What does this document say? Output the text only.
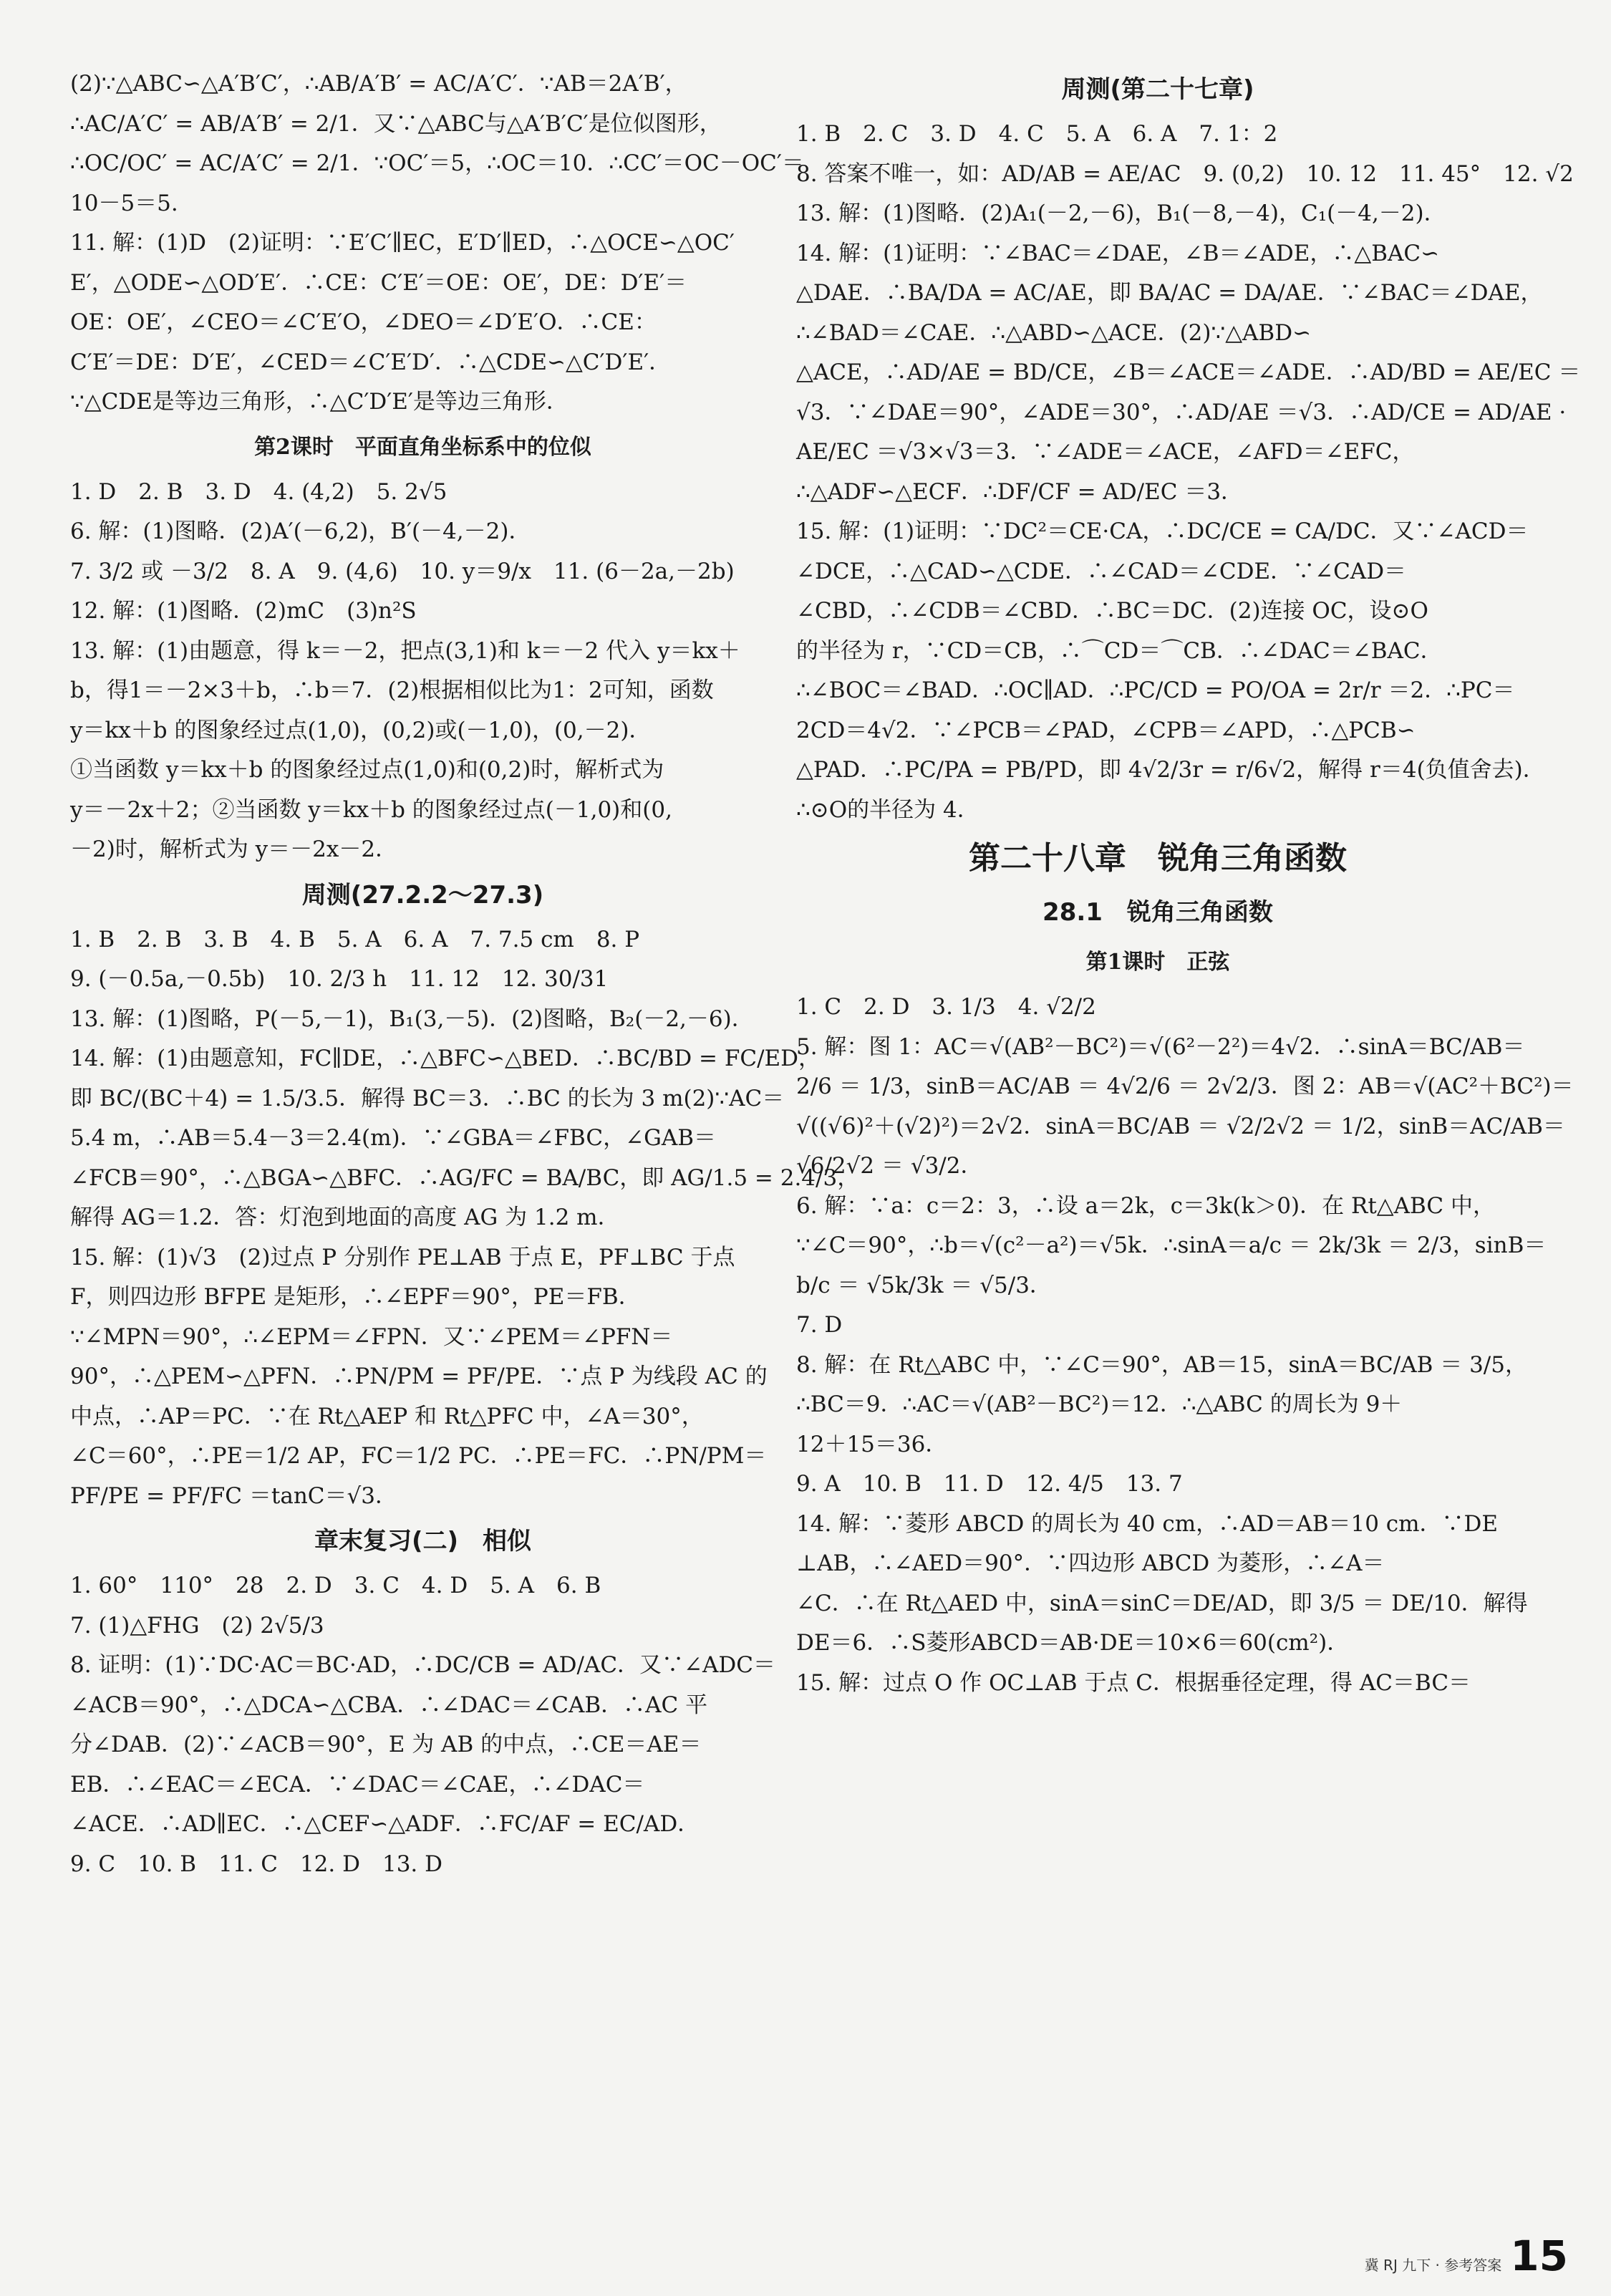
(2)∵△ABC∽△A′B′C′，∴AB/A′B′ = AC/A′C′．∵AB＝2A′B′，
∴AC/A′C′ = AB/A′B′ = 2/1．又∵△ABC与△A′B′C′是位似图形，
∴OC/OC′ = AC/A′C′ = 2/1．∵OC′＝5，∴OC＝10．∴CC′＝OC－OC′＝
10－5＝5.
11. 解：(1)D　(2)证明：∵E′C′∥EC，E′D′∥ED，∴△OCE∽△OC′
E′，△ODE∽△OD′E′．∴CE：C′E′＝OE：OE′，DE：D′E′＝
OE：OE′，∠CEO＝∠C′E′O，∠DEO＝∠D′E′O．∴CE：
C′E′＝DE：D′E′，∠CED＝∠C′E′D′．∴△CDE∽△C′D′E′．
∵△CDE是等边三角形，∴△C′D′E′是等边三角形．
第2课时　平面直角坐标系中的位似
1. D　2. B　3. D　4. (4,2)　5. 2√5
6. 解：(1)图略．(2)A′(－6,2)，B′(－4,－2)．
7. 3/2 或 －3/2　8. A　9. (4,6)　10. y＝9/x　11. (6－2a,－2b)
12. 解：(1)图略．(2)mC　(3)n²S
13. 解：(1)由题意，得 k＝－2，把点(3,1)和 k＝－2 代入 y＝kx＋
b，得1＝－2×3＋b，∴b＝7．(2)根据相似比为1：2可知，函数
y＝kx＋b 的图象经过点(1,0)，(0,2)或(－1,0)，(0,－2)．
①当函数 y＝kx＋b 的图象经过点(1,0)和(0,2)时，解析式为
y＝－2x＋2；②当函数 y＝kx＋b 的图象经过点(－1,0)和(0,
－2)时，解析式为 y＝－2x－2．
周测(27.2.2～27.3)
1. B　2. B　3. B　4. B　5. A　6. A　7. 7.5 cm　8. P
9. (－0.5a,－0.5b)　10. 2/3 h　11. 12　12. 30/31
13. 解：(1)图略，P(－5,－1)，B₁(3,－5)．(2)图略，B₂(－2,－6)．
14. 解：(1)由题意知，FC∥DE，∴△BFC∽△BED．∴BC/BD = FC/ED，
即 BC/(BC＋4) = 1.5/3.5．解得 BC＝3．∴BC 的长为 3 m(2)∵AC＝
5.4 m，∴AB＝5.4－3＝2.4(m)．∵∠GBA＝∠FBC，∠GAB＝
∠FCB＝90°，∴△BGA∽△BFC．∴AG/FC = BA/BC，即 AG/1.5 = 2.4/3，
解得 AG＝1.2．答：灯泡到地面的高度 AG 为 1.2 m．
15. 解：(1)√3　(2)过点 P 分别作 PE⊥AB 于点 E，PF⊥BC 于点
F，则四边形 BFPE 是矩形，∴∠EPF＝90°，PE＝FB．
∵∠MPN＝90°，∴∠EPM＝∠FPN．又∵∠PEM＝∠PFN＝
90°，∴△PEM∽△PFN．∴PN/PM = PF/PE．∵点 P 为线段 AC 的
中点，∴AP＝PC．∵在 Rt△AEP 和 Rt△PFC 中，∠A＝30°，
∠C＝60°，∴PE＝1/2 AP，FC＝1/2 PC．∴PE＝FC．∴PN/PM＝
PF/PE = PF/FC ＝tanC＝√3．
章末复习(二)　相似
1. 60°　110°　28　2. D　3. C　4. D　5. A　6. B
7. (1)△FHG　(2) 2√5/3
8. 证明：(1)∵DC·AC＝BC·AD，∴DC/CB = AD/AC．又∵∠ADC＝
∠ACB＝90°，∴△DCA∽△CBA．∴∠DAC＝∠CAB．∴AC 平
分∠DAB．(2)∵∠ACB＝90°，E 为 AB 的中点，∴CE＝AE＝
EB．∴∠EAC＝∠ECA．∵∠DAC＝∠CAE，∴∠DAC＝
∠ACE．∴AD∥EC．∴△CEF∽△ADF．∴FC/AF = EC/AD．
9. C　10. B　11. C　12. D　13. D
周测(第二十七章)
1. B　2. C　3. D　4. C　5. A　6. A　7. 1：2
8. 答案不唯一，如：AD/AB = AE/AC　9. (0,2)　10. 12　11. 45°　12. √2
13. 解：(1)图略．(2)A₁(－2,－6)，B₁(－8,－4)，C₁(－4,－2)．
14. 解：(1)证明：∵∠BAC＝∠DAE，∠B＝∠ADE，∴△BAC∽
△DAE．∴BA/DA = AC/AE，即 BA/AC = DA/AE．∵∠BAC＝∠DAE，
∴∠BAD＝∠CAE．∴△ABD∽△ACE．(2)∵△ABD∽
△ACE，∴AD/AE = BD/CE，∠B＝∠ACE＝∠ADE．∴AD/BD = AE/EC ＝
√3．∵∠DAE＝90°，∠ADE＝30°，∴AD/AE ＝√3．∴AD/CE = AD/AE ·
AE/EC ＝√3×√3＝3．∵∠ADE＝∠ACE，∠AFD＝∠EFC，
∴△ADF∽△ECF．∴DF/CF = AD/EC ＝3．
15. 解：(1)证明：∵DC²＝CE·CA，∴DC/CE = CA/DC．又∵∠ACD＝
∠DCE，∴△CAD∽△CDE．∴∠CAD＝∠CDE．∵∠CAD＝
∠CBD，∴∠CDB＝∠CBD．∴BC＝DC．(2)连接 OC，设⊙O
的半径为 r，∵CD＝CB，∴⌒CD＝⌒CB．∴∠DAC＝∠BAC．
∴∠BOC＝∠BAD．∴OC∥AD．∴PC/CD = PO/OA = 2r/r ＝2．∴PC＝
2CD＝4√2．∵∠PCB＝∠PAD，∠CPB＝∠APD，∴△PCB∽
△PAD．∴PC/PA = PB/PD，即 4√2/3r = r/6√2，解得 r＝4(负值舍去)．
∴⊙O的半径为 4．
第二十八章　锐角三角函数
28.1　锐角三角函数
第1课时　正弦
1. C　2. D　3. 1/3　4. √2/2
5. 解：图 1：AC＝√(AB²－BC²)＝√(6²－2²)＝4√2．∴sinA＝BC/AB＝
2/6 ＝ 1/3，sinB＝AC/AB ＝ 4√2/6 ＝ 2√2/3．图 2：AB＝√(AC²＋BC²)＝
√((√6)²＋(√2)²)＝2√2．sinA＝BC/AB ＝ √2/2√2 ＝ 1/2，sinB＝AC/AB＝
√6/2√2 ＝ √3/2．
6. 解：∵a：c＝2：3，∴设 a＝2k，c＝3k(k＞0)．在 Rt△ABC 中，
∵∠C＝90°，∴b＝√(c²－a²)＝√5k．∴sinA＝a/c ＝ 2k/3k ＝ 2/3，sinB＝
b/c ＝ √5k/3k ＝ √5/3．
7. D
8. 解：在 Rt△ABC 中，∵∠C＝90°，AB＝15，sinA＝BC/AB ＝ 3/5，
∴BC＝9．∴AC＝√(AB²－BC²)＝12．∴△ABC 的周长为 9＋
12＋15＝36．
9. A　10. B　11. D　12. 4/5　13. 7
14. 解：∵菱形 ABCD 的周长为 40 cm，∴AD＝AB＝10 cm．∵DE
⊥AB，∴∠AED＝90°．∵四边形 ABCD 为菱形，∴∠A＝
∠C．∴在 Rt△AED 中，sinA＝sinC＝DE/AD，即 3/5 ＝ DE/10．解得
DE＝6．∴S菱形ABCD＝AB·DE＝10×6＝60(cm²)．
15. 解：过点 O 作 OC⊥AB 于点 C．根据垂径定理，得 AC＝BC＝
冀 RJ 九下 · 参考答案 15
